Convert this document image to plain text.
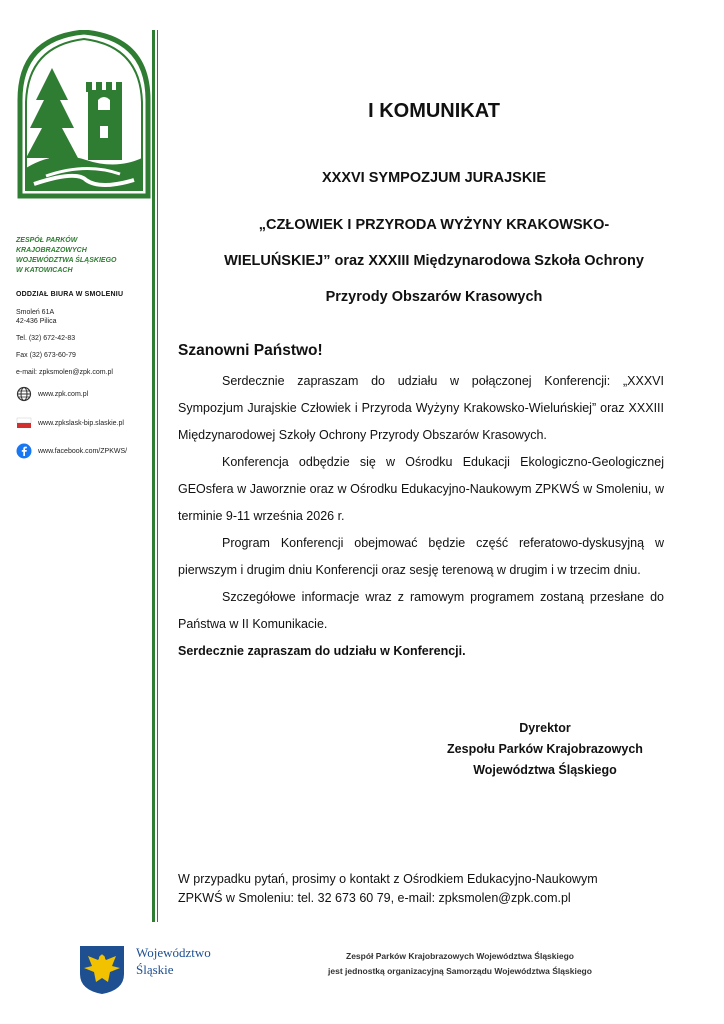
ZESPÓŁ PARKÓW KRAJOBRAZOWYCH
WOJEWÓDZTWA ŚLĄSKIEGO
W KATOWICACH
ODDZIAŁ BIURA W SMOLENIU
Smoleń 61A
42-436 Pilica
Tel. (32) 672-42-83
Fax (32) 673-60-79
e-mail: zpksmolen@zpk.com.pl
www.zpk.com.pl
www.zpkslask-bip.slaskie.pl
www.facebook.com/ZPKWS/
I KOMUNIKAT
XXXVI SYMPOZJUM JURAJSKIE
„CZŁOWIEK I PRZYRODA WYŻYNY KRAKOWSKO-
WIELUŃSKIEJ” oraz XXXIII Międzynarodowa Szkoła Ochrony
Przyrody Obszarów Krasowych
Szanowni Państwo!

Serdecznie zapraszam do udziału w połączonej Konferencji: „XXXVI Sympozjum Jurajskie Człowiek i Przyroda Wyżyny Krakowsko-Wieluńskiej” oraz XXXIII Międzynarodowej Szkoły Ochrony Przyrody Obszarów Krasowych.

Konferencja odbędzie się w Ośrodku Edukacji Ekologiczno-Geologicznej GEOsfera w Jaworznie oraz w Ośrodku Edukacyjno-Naukowym ZPKWŚ w Smoleniu, w terminie 9-11 września 2026 r.

Program Konferencji obejmować będzie część referatowo-dyskusyjną w pierwszym i drugim dniu Konferencji oraz sesję terenową w drugim i w trzecim dniu.

Szczegółowe informacje wraz z ramowym programem zostaną przesłane do Państwa w II Komunikacie.

Serdecznie zapraszam do udziału w Konferencji.
Dyrektor
Zespołu Parków Krajobrazowych
Województwa Śląskiego
W przypadku pytań, prosimy o kontakt z Ośrodkiem Edukacyjno-Naukowym
ZPKWŚ w Smoleniu: tel. 32 673 60 79, e-mail: zpksmolen@zpk.com.pl
Województwo
Śląskie
Zespół Parków Krajobrazowych Województwa Śląskiego
jest jednostką organizacyjną Samorządu Województwa Śląskiego
